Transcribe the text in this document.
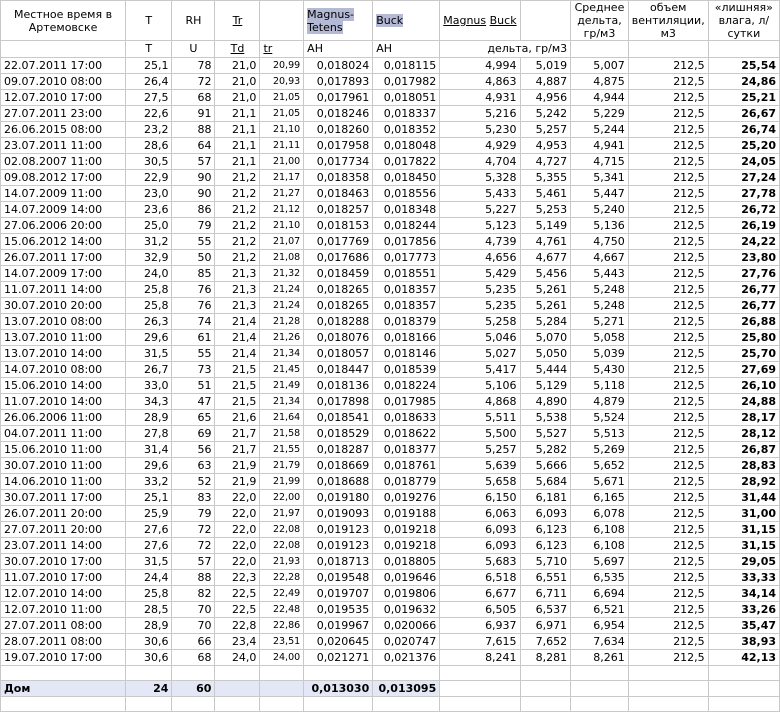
Местное время в Артемовске	T	RH	Tr		Magnus-Tetens	Buck	Magnus Buck		Среднее дельта, гр/м3	объем вентиляции, м3	«лишняя» влага, л/сутки
	T	U	Td	tr	AH	AH	дельта, гр/м3				
22.07.2011 17:00	25,1	78	21,0	20,99	0,018024	0,018115	4,994	5,019	5,007	212,5	25,54
09.07.2010 08:00	26,4	72	21,0	20,93	0,017893	0,017982	4,863	4,887	4,875	212,5	24,86
12.07.2010 17:00	27,5	68	21,0	21,05	0,017961	0,018051	4,931	4,956	4,944	212,5	25,21
27.07.2011 23:00	22,6	91	21,1	21,05	0,018246	0,018337	5,216	5,242	5,229	212,5	26,67
26.06.2015 08:00	23,2	88	21,1	21,10	0,018260	0,018352	5,230	5,257	5,244	212,5	26,74
23.07.2011 11:00	28,6	64	21,1	21,11	0,017958	0,018048	4,929	4,953	4,941	212,5	25,20
02.08.2007 11:00	30,5	57	21,1	21,00	0,017734	0,017822	4,704	4,727	4,715	212,5	24,05
09.08.2012 17:00	22,9	90	21,2	21,17	0,018358	0,018450	5,328	5,355	5,341	212,5	27,24
14.07.2009 11:00	23,0	90	21,2	21,27	0,018463	0,018556	5,433	5,461	5,447	212,5	27,78
14.07.2009 14:00	23,6	86	21,2	21,12	0,018257	0,018348	5,227	5,253	5,240	212,5	26,72
27.06.2006 20:00	25,0	79	21,2	21,10	0,018153	0,018244	5,123	5,149	5,136	212,5	26,19
15.06.2012 14:00	31,2	55	21,2	21,07	0,017769	0,017856	4,739	4,761	4,750	212,5	24,22
26.07.2011 17:00	32,9	50	21,2	21,08	0,017686	0,017773	4,656	4,677	4,667	212,5	23,80
14.07.2009 17:00	24,0	85	21,3	21,32	0,018459	0,018551	5,429	5,456	5,443	212,5	27,76
11.07.2011 14:00	25,8	76	21,3	21,24	0,018265	0,018357	5,235	5,261	5,248	212,5	26,77
30.07.2010 20:00	25,8	76	21,3	21,24	0,018265	0,018357	5,235	5,261	5,248	212,5	26,77
13.07.2010 08:00	26,3	74	21,4	21,28	0,018288	0,018379	5,258	5,284	5,271	212,5	26,88
13.07.2010 11:00	29,6	61	21,4	21,26	0,018076	0,018166	5,046	5,070	5,058	212,5	25,80
13.07.2010 14:00	31,5	55	21,4	21,34	0,018057	0,018146	5,027	5,050	5,039	212,5	25,70
14.07.2010 08:00	26,7	73	21,5	21,45	0,018447	0,018539	5,417	5,444	5,430	212,5	27,69
15.06.2010 14:00	33,0	51	21,5	21,49	0,018136	0,018224	5,106	5,129	5,118	212,5	26,10
11.07.2010 14:00	34,3	47	21,5	21,34	0,017898	0,017985	4,868	4,890	4,879	212,5	24,88
26.06.2006 11:00	28,9	65	21,6	21,64	0,018541	0,018633	5,511	5,538	5,524	212,5	28,17
04.07.2011 11:00	27,8	69	21,7	21,58	0,018529	0,018622	5,500	5,527	5,513	212,5	28,12
15.06.2010 11:00	31,4	56	21,7	21,55	0,018287	0,018377	5,257	5,282	5,269	212,5	26,87
30.07.2010 11:00	29,6	63	21,9	21,79	0,018669	0,018761	5,639	5,666	5,652	212,5	28,83
14.06.2010 11:00	33,2	52	21,9	21,99	0,018688	0,018779	5,658	5,684	5,671	212,5	28,92
30.07.2011 17:00	25,1	83	22,0	22,00	0,019180	0,019276	6,150	6,181	6,165	212,5	31,44
26.07.2011 20:00	25,9	79	22,0	21,97	0,019093	0,019188	6,063	6,093	6,078	212,5	31,00
27.07.2011 20:00	27,6	72	22,0	22,08	0,019123	0,019218	6,093	6,123	6,108	212,5	31,15
23.07.2011 14:00	27,6	72	22,0	22,08	0,019123	0,019218	6,093	6,123	6,108	212,5	31,15
30.07.2010 17:00	31,5	57	22,0	21,93	0,018713	0,018805	5,683	5,710	5,697	212,5	29,05
11.07.2010 17:00	24,4	88	22,3	22,28	0,019548	0,019646	6,518	6,551	6,535	212,5	33,33
12.07.2010 14:00	25,8	82	22,5	22,49	0,019707	0,019806	6,677	6,711	6,694	212,5	34,14
12.07.2010 11:00	28,5	70	22,5	22,48	0,019535	0,019632	6,505	6,537	6,521	212,5	33,26
27.07.2011 08:00	28,9	70	22,8	22,86	0,019967	0,020066	6,937	6,971	6,954	212,5	35,47
28.07.2011 08:00	30,6	66	23,4	23,51	0,020645	0,020747	7,615	7,652	7,634	212,5	38,93
19.07.2010 17:00	30,6	68	24,0	24,00	0,021271	0,021376	8,241	8,281	8,261	212,5	42,13

Дом	24	60			0,013030	0,013095					
